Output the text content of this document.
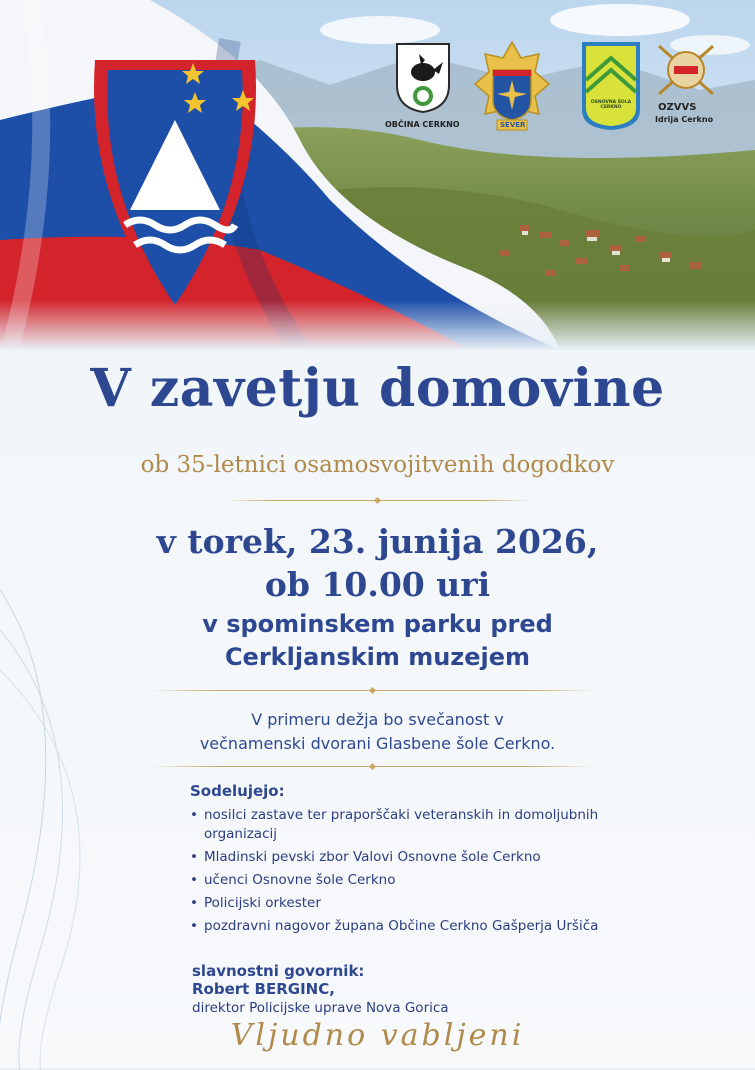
OBČINA CERKNO	SEVER
OSNOVNA ŠOLA CERKNO	OZVVS
Idrija Cerkno
V zavetju domovine
ob 35-letnici osamosvojitvenih dogodkov
v torek, 23. junija 2026,
ob 10.00 uri
v spominskem parku pred
Cerkljanskim muzejem
V primeru dežja bo svečanost v
večnamenski dvorani Glasbene šole Cerkno.
Sodelujejo:
• nosilci zastave ter praporščaki veteranskih in domoljubnih organizacij
• Mladinski pevski zbor Valovi Osnovne šole Cerkno
• učenci Osnovne šole Cerkno
• Policijski orkester
• pozdravni nagovor župana Občine Cerkno Gašperja Uršiča
slavnostni govornik:
Robert BERGINC,
direktor Policijske uprave Nova Gorica
Vljudno vabljeni
